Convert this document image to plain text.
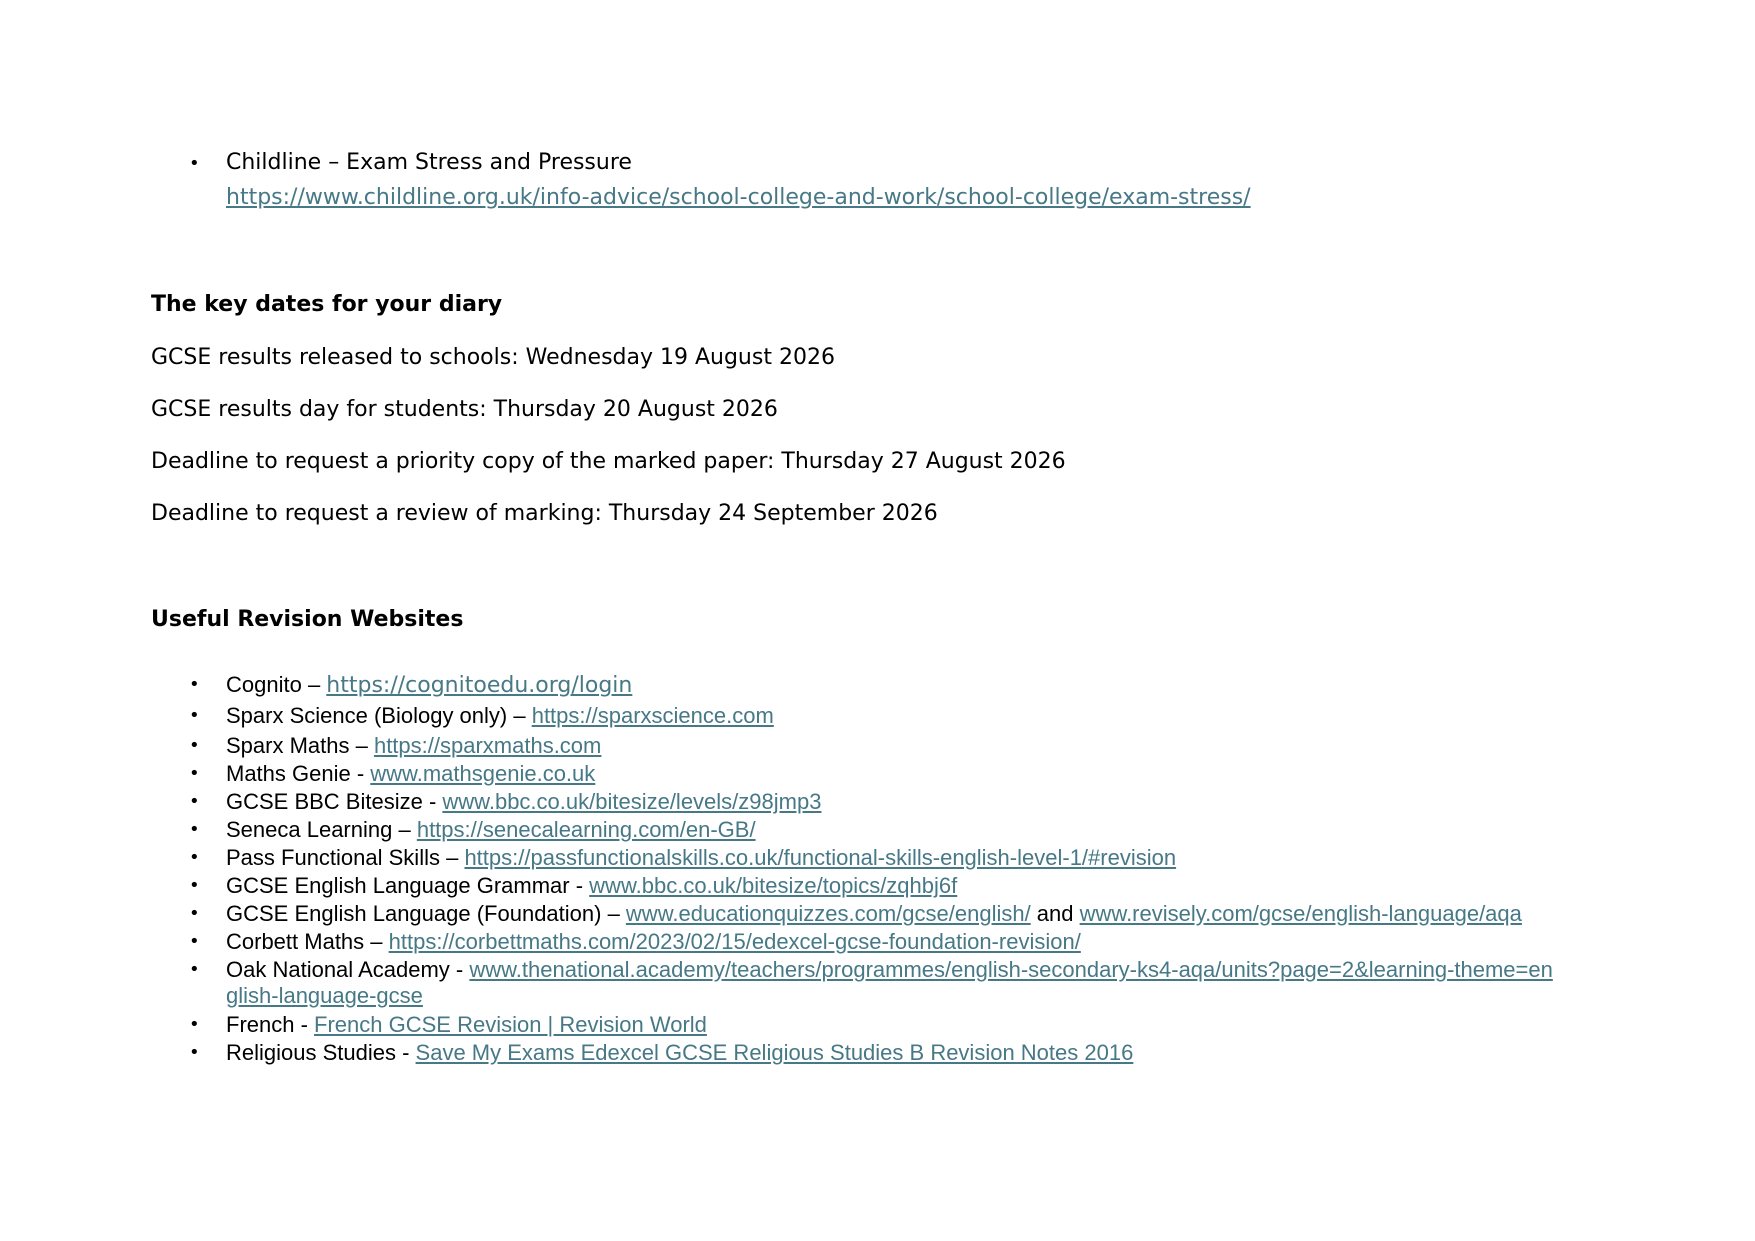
• Childline – Exam Stress and Pressure
https://www.childline.org.uk/info-advice/school-college-and-work/school-college/exam-stress/
The key dates for your diary
GCSE results released to schools: Wednesday 19 August 2026
GCSE results day for students: Thursday 20 August 2026
Deadline to request a priority copy of the marked paper: Thursday 27 August 2026
Deadline to request a review of marking: Thursday 24 September 2026
Useful Revision Websites
• Cognito – https://cognitoedu.org/login
• Sparx Science (Biology only) – https://sparxscience.com
• Sparx Maths – https://sparxmaths.com
• Maths Genie - www.mathsgenie.co.uk
• GCSE BBC Bitesize - www.bbc.co.uk/bitesize/levels/z98jmp3
• Seneca Learning – https://senecalearning.com/en-GB/
• Pass Functional Skills – https://passfunctionalskills.co.uk/functional-skills-english-level-1/#revision
• GCSE English Language Grammar - www.bbc.co.uk/bitesize/topics/zqhbj6f
• GCSE English Language (Foundation) – www.educationquizzes.com/gcse/english/ and www.revisely.com/gcse/english-language/aqa
• Corbett Maths – https://corbettmaths.com/2023/02/15/edexcel-gcse-foundation-revision/
• Oak National Academy - www.thenational.academy/teachers/programmes/english-secondary-ks4-aqa/units?page=2&learning-theme=english-language-gcse
• French - French GCSE Revision | Revision World
• Religious Studies - Save My Exams Edexcel GCSE Religious Studies B Revision Notes 2016
